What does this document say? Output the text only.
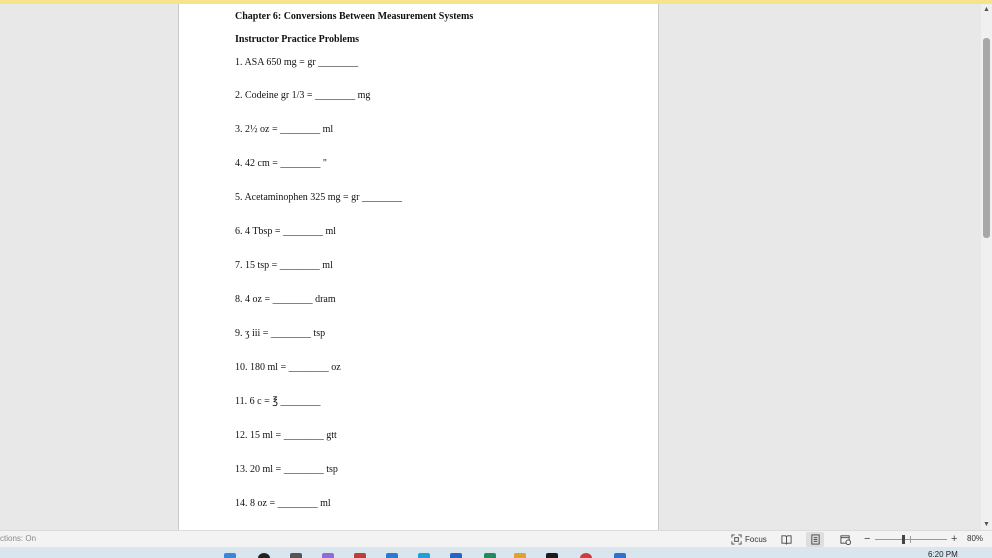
Chapter 6: Conversions Between Measurement Systems
Instructor Practice Problems
1. ASA 650 mg = gr ________
2. Codeine gr 1/3 = ________ mg
3. 2½ oz = ________ ml
4. 42 cm = ________ "
5. Acetaminophen 325 mg = gr ________
6. 4 Tbsp = ________ ml
7. 15 tsp = ________ ml
8. 4 oz = ________ dram
9. ʒ iii = ________ tsp
10. 180 ml = ________ oz
11. 6 c = ℥ ________
12. 15 ml = ________ gtt
13. 20 ml = ________ tsp
14. 8 oz = ________ ml
▲
▼
ctions: On	Focus	−	+ 80%
6:20 PM
